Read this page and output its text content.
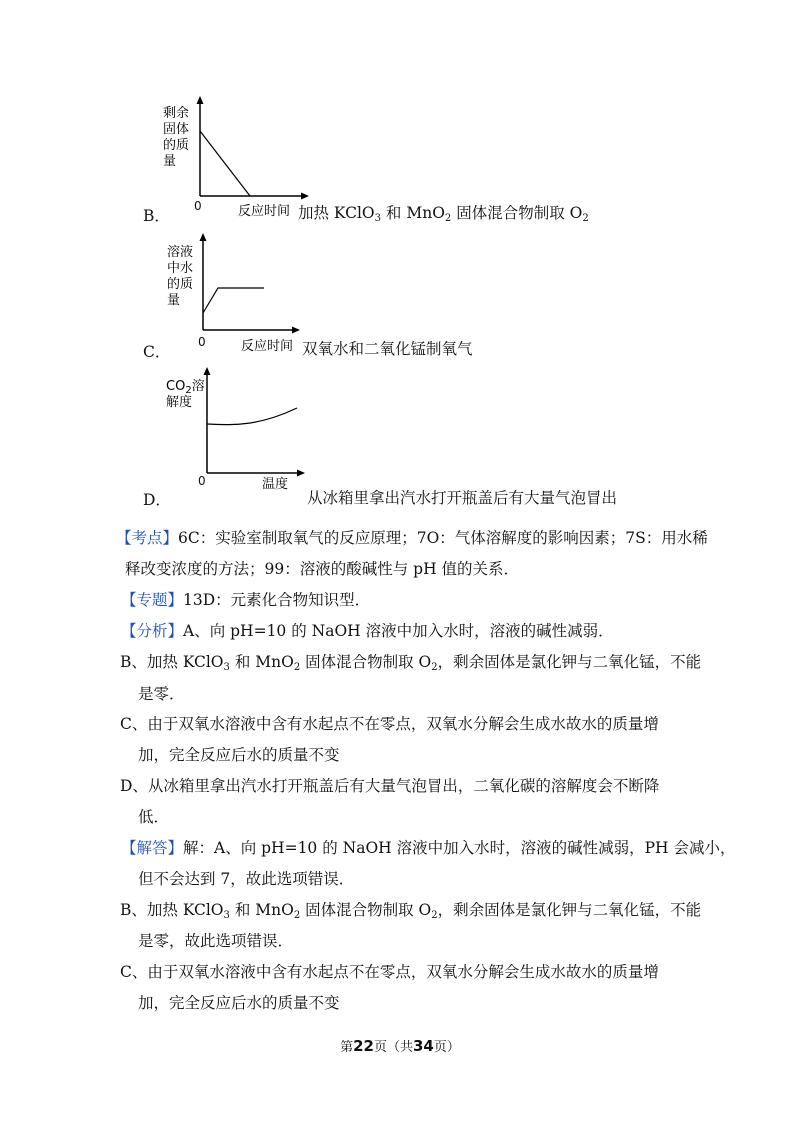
剩余
固体
的质
量
0
B．	反应时间 加热 KClO$_3$ 和 MnO$_2$ 固体混合物制取 $O_2$
溶液
中水
的质
量
0
C．	反应时间 双氧水和二氧化锰制氧气
$CO_2$溶
解度
0
D．
温度
从冰箱里拿出汽水打开瓶盖后有大量气泡冒出
【考点】6C：实验室制取氧气的反应原理；7O：气体溶解度的影响因素；7S：用水稀
释改变浓度的方法；99：溶液的酸碱性与 pH 值的关系．
【专题】13D：元素化合物知识型．
【分析】A、向 pH=10 的 NaOH 溶液中加入水时，溶液的碱性减弱．
B、加热 KClO$_3$ 和 MnO$_2$ 固体混合物制取 $O_2$，剩余固体是氯化钾与二氧化锰，不能
是零．
C、由于双氧水溶液中含有水起点不在零点，双氧水分解会生成水故水的质量增
加，完全反应后水的质量不变
D、从冰箱里拿出汽水打开瓶盖后有大量气泡冒出，二氧化碳的溶解度会不断降
低．
【解答】解：A、向 pH=10 的 NaOH 溶液中加入水时，溶液的碱性减弱，PH 会减小，
但不会达到 7，故此选项错误．
B、加热 KClO$_3$ 和 MnO$_2$ 固体混合物制取 $O_2$，剩余固体是氯化钾与二氧化锰，不能
是零，故此选项错误．
C、由于双氧水溶液中含有水起点不在零点，双氧水分解会生成水故水的质量增
加，完全反应后水的质量不变
第22页（共34页）
